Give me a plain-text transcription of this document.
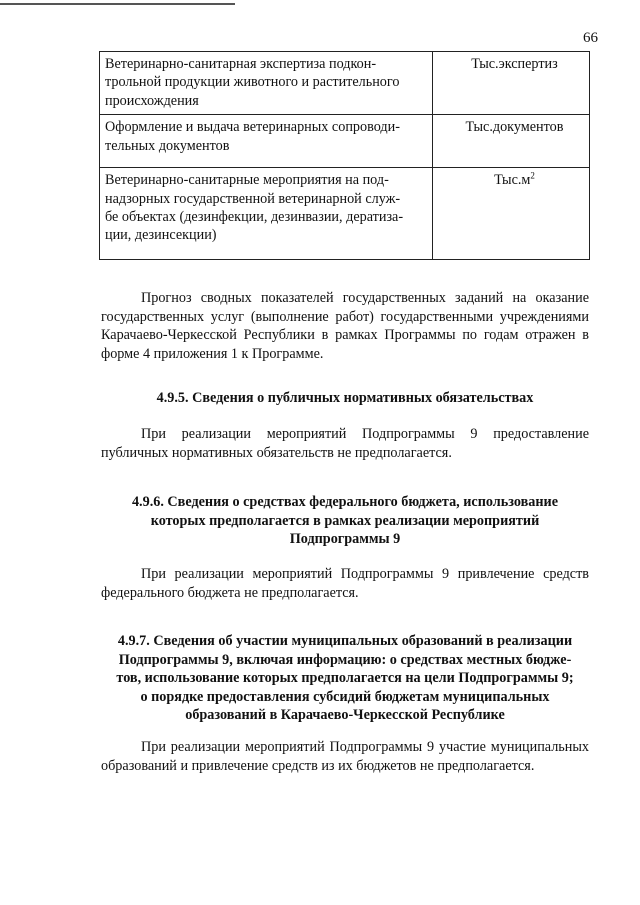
66
Ветеринарно-санитарная экспертиза подкон-
трольной продукции животного и растительного
происхождения	Тыс.экспертиз
Оформление и выдача ветеринарных сопроводи-
тельных документов	Тыс.документов
Ветеринарно-санитарные мероприятия на под-
надзорных государственной ветеринарной служ-
бе объектах (дезинфекции, дезинвазии, дератиза-
ции, дезинсекции)	$Тыс.м^2$

Прогноз сводных показателей государственных заданий на оказание государственных услуг (выполнение работ) государственными учреждениями Карачаево-Черкесской Республики в рамках Программы по годам отражен в форме 4 приложения 1 к Программе.

4.9.5. Сведения о публичных нормативных обязательствах

При реализации мероприятий Подпрограммы 9 предоставление публичных нормативных обязательств не предполагается.

4.9.6. Сведения о средствах федерального бюджета, использование
которых предполагается в рамках реализации мероприятий
Подпрограммы 9

При реализации мероприятий Подпрограммы 9 привлечение средств федерального бюджета не предполагается.

4.9.7. Сведения об участии муниципальных образований в реализации
Подпрограммы 9, включая информацию: о средствах местных бюдже-
тов, использование которых предполагается на цели Подпрограммы 9;
о порядке предоставления субсидий бюджетам муниципальных
образований в Карачаево-Черкесской Республике

При реализации мероприятий Подпрограммы 9 участие муниципальных образований и привлечение средств из их бюджетов не предполагается.
